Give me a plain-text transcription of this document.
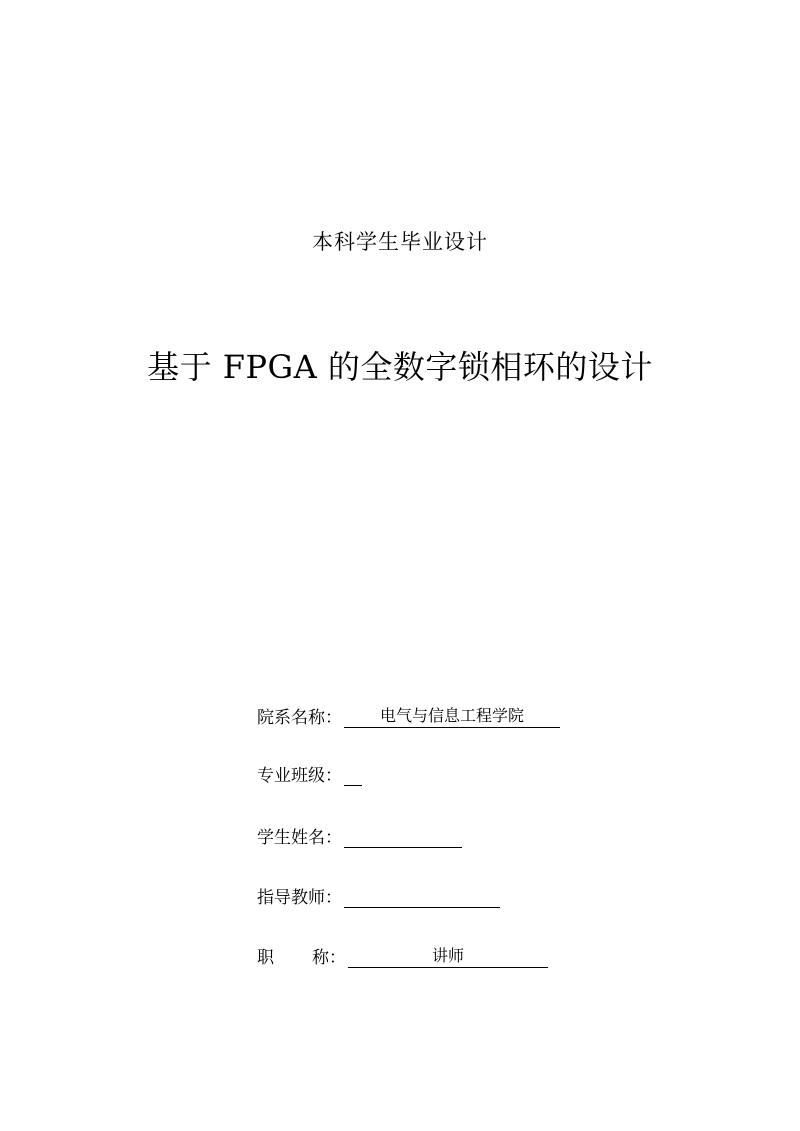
本科学生毕业设计
基于 FPGA 的全数字锁相环的设计
院系名称：	电气与信息工程学院
专业班级：
学生姓名：
指导教师：
职 称：	讲师
